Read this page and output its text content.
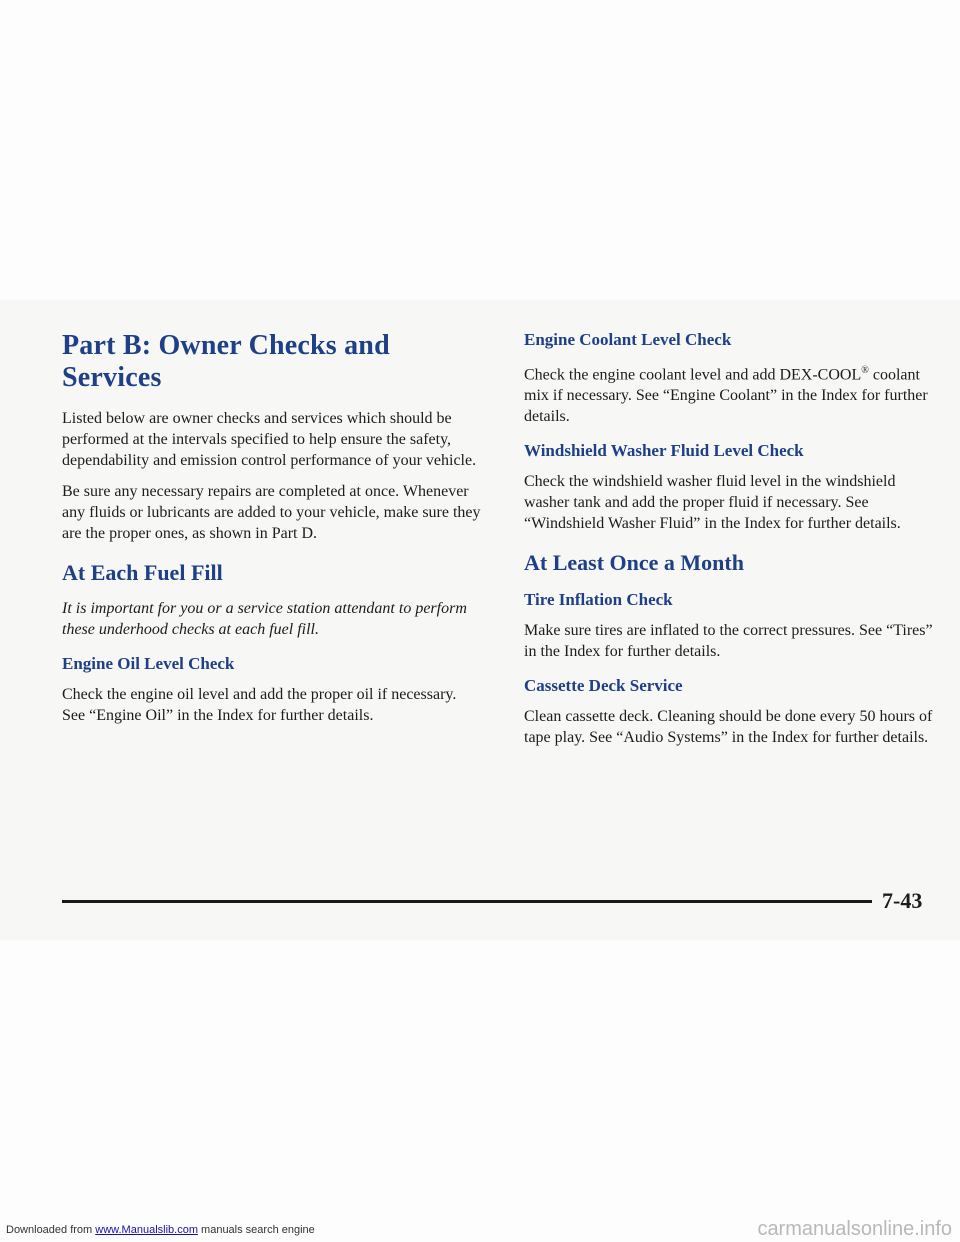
Part B: Owner Checks and Services

Listed below are owner checks and services which should be performed at the intervals specified to help ensure the safety, dependability and emission control performance of your vehicle.

Be sure any necessary repairs are completed at once. Whenever any fluids or lubricants are added to your vehicle, make sure they are the proper ones, as shown in Part D.

At Each Fuel Fill

It is important for you or a service station attendant to perform these underhood checks at each fuel fill.

Engine Oil Level Check

Check the engine oil level and add the proper oil if necessary. See “Engine Oil” in the Index for further details.

Engine Coolant Level Check

Check the engine coolant level and add DEX-COOL® coolant mix if necessary. See “Engine Coolant” in the Index for further details.

Windshield Washer Fluid Level Check

Check the windshield washer fluid level in the windshield washer tank and add the proper fluid if necessary. See “Windshield Washer Fluid” in the Index for further details.

At Least Once a Month
Tire Inflation Check

Make sure tires are inflated to the correct pressures. See “Tires” in the Index for further details.

Cassette Deck Service

Clean cassette deck. Cleaning should be done every 50 hours of tape play. See “Audio Systems” in the Index for further details.

7-43
Downloaded from www.Manualslib.com manuals search engine	carmanualsonline.info
